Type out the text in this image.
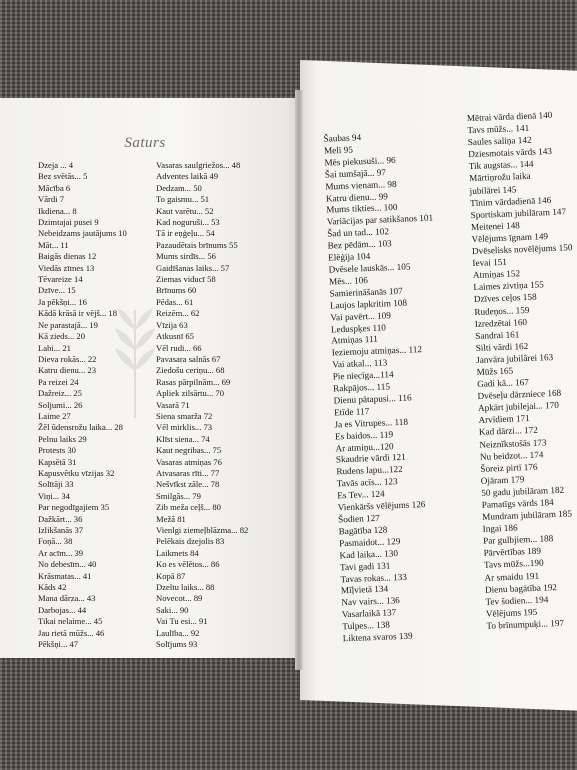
Saturs
Dzeja ... 4
Bez svētās... 5
Mācība 6
Vārdi 7
Ikdiena... 8
Dzimtajai pusei 9
Nebeidzams jautājums 10
Māt... 11
Baigās dienas 12
Viedās zīmes 13
Tēvareize 14
Dzīve... 15
Ja pēkšņi... 16
Kādā krāsā ir vējš... 18
Ne parastajā... 19
Kā zieds... 20
Labi... 21
Dieva rokās... 22
Katru dienu... 23
Pa reizei 24
Dažreiz... 25
Soljumi... 26
Laime 27
Žēl ūdensrožu laika... 28
Pelnu laiks 29
Protests 30
Kapsētā 31
Kapusvētku vīzijas 32
Solītāji 33
Viņi... 34
Par negodīgajiem 35
Dažkārt... 36
Izlikšanās 37
Foņā... 38
Ar acīm... 39
No debesīm... 40
Krāsmatas... 41
Kāds 42
Mana dārza... 43
Darbojas... 44
Tikai nelaime... 45
Jau rietā mūžs... 46
Pēkšņi... 47
Vasaras saulgriežos... 48
Adventes laikā 49
Dedzam... 50
To gaismu... 51
Kaut varētu... 52
Kad noguruši... 53
Tā ir eņģeļu... 54
Pazaudētais brīnums 55
Mums sirdīs... 56
Gaidīšanas laiks... 57
Ziemas viducī 58
Brīnums 60
Pēdas... 61
Reizēm... 62
Vīzija 63
Atkusnī 65
Vēl rudi... 66
Pavasara salnās 67
Ziedošu ceriņu... 68
Rasas pārpilnām... 69
Apliek zilsārtu... 70
Vasarā 71
Siena smarža 72
Vēl mirklis... 73
Klīst siena... 74
Kaut negribas... 75
Vasaras atmiņas 76
Atvasaras rīti... 77
Nešvīkst zāle... 78
Smilgās... 79
Zib meža ceļš... 80
Mežā 81
Vienlgi ziemeļblāzma... 82
Pelēkais dzejolis 83
Laikmets 84
Ko es vēlētos... 86
Kopā 87
Dzeltu laiks... 88
Novecot... 89
Saki... 90
Vai Tu esi... 91
Laulība... 92
Solījums 93
Šaubas 94
Meli 95
Mēs piekusuši... 96
Šai tumšajā... 97
Mums vienam... 98
Katru dienu... 99
Mums tikties... 100
Variācijas par satikšanos 101
Šad un tad... 102
Bez pēdām... 103
Elēģija 104
Dvēsele lauskās... 105
Mēs... 106
Samierināšanās 107
Laujos lapkritim 108
Vai pavērt... 109
Leduspķes 110
Atmiņas 111
Ieziemoju atmiņas... 112
Vai atkal... 113
Pie niecīga...114
Rakpājos... 115
Dienu pātapusi... 116
Etīde 117
Ja es Vitrupes... 118
Es baidos... 119
Ar atmiņu...120
Skaudrie vārdi 121
Rudens lapu...122
Tavās acīs... 123
Es Tev... 124
Vienkāršs vēlējums 126
Šodien 127
Bagātība 128
Pasmaidot... 129
Kad laika... 130
Tavi gadi 131
Tavas rokas... 133
Mīļvietā 134
Nav vairs... 136
Vasarlaikā 137
Tulpes... 138
Liktena svaros 139
Mētrai vārda dienā 140
Tavs mūžs... 141
Saules saliņa 142
Dziesmotais vārds 143
Tik augstas... 144
Mārtiņrožu laika
jubilārei 145
Tīnim vārdadienā 146
Sportiskam jubilāram 147
Meitenei 148
Vēlējums īgnam 149
Dvēselisks novēlējums 150
Ievai 151
Atmiņas 152
Laimes zivtiņa 155
Dzīves ceļos 158
Rudeņos... 159
Izredzētai 160
Sandrai 161
Silti vārdi 162
Janvāra jubilārei 163
Mūžs 165
Gadi kā... 167
Dvēseļu dārzniece 168
Apkārt jubilejai... 170
Arvīdiem 171
Kad dārzi... 172
Neiznīkstošās 173
Nu beidzot... 174
Šoreiz pirtī 176
Ojāram 179
50 gadu jubilāram 182
Pamatīgs vārds 184
Mundram jubilāram 185
Ingai 186
Par gulbjiem... 188
Pārvērtības 189
Tavs mūžs...190
Ar smaidu 191
Dienu bagātība 192
Tev šodien... 194
Vēlējums 195
To brīnumpuķi... 197
